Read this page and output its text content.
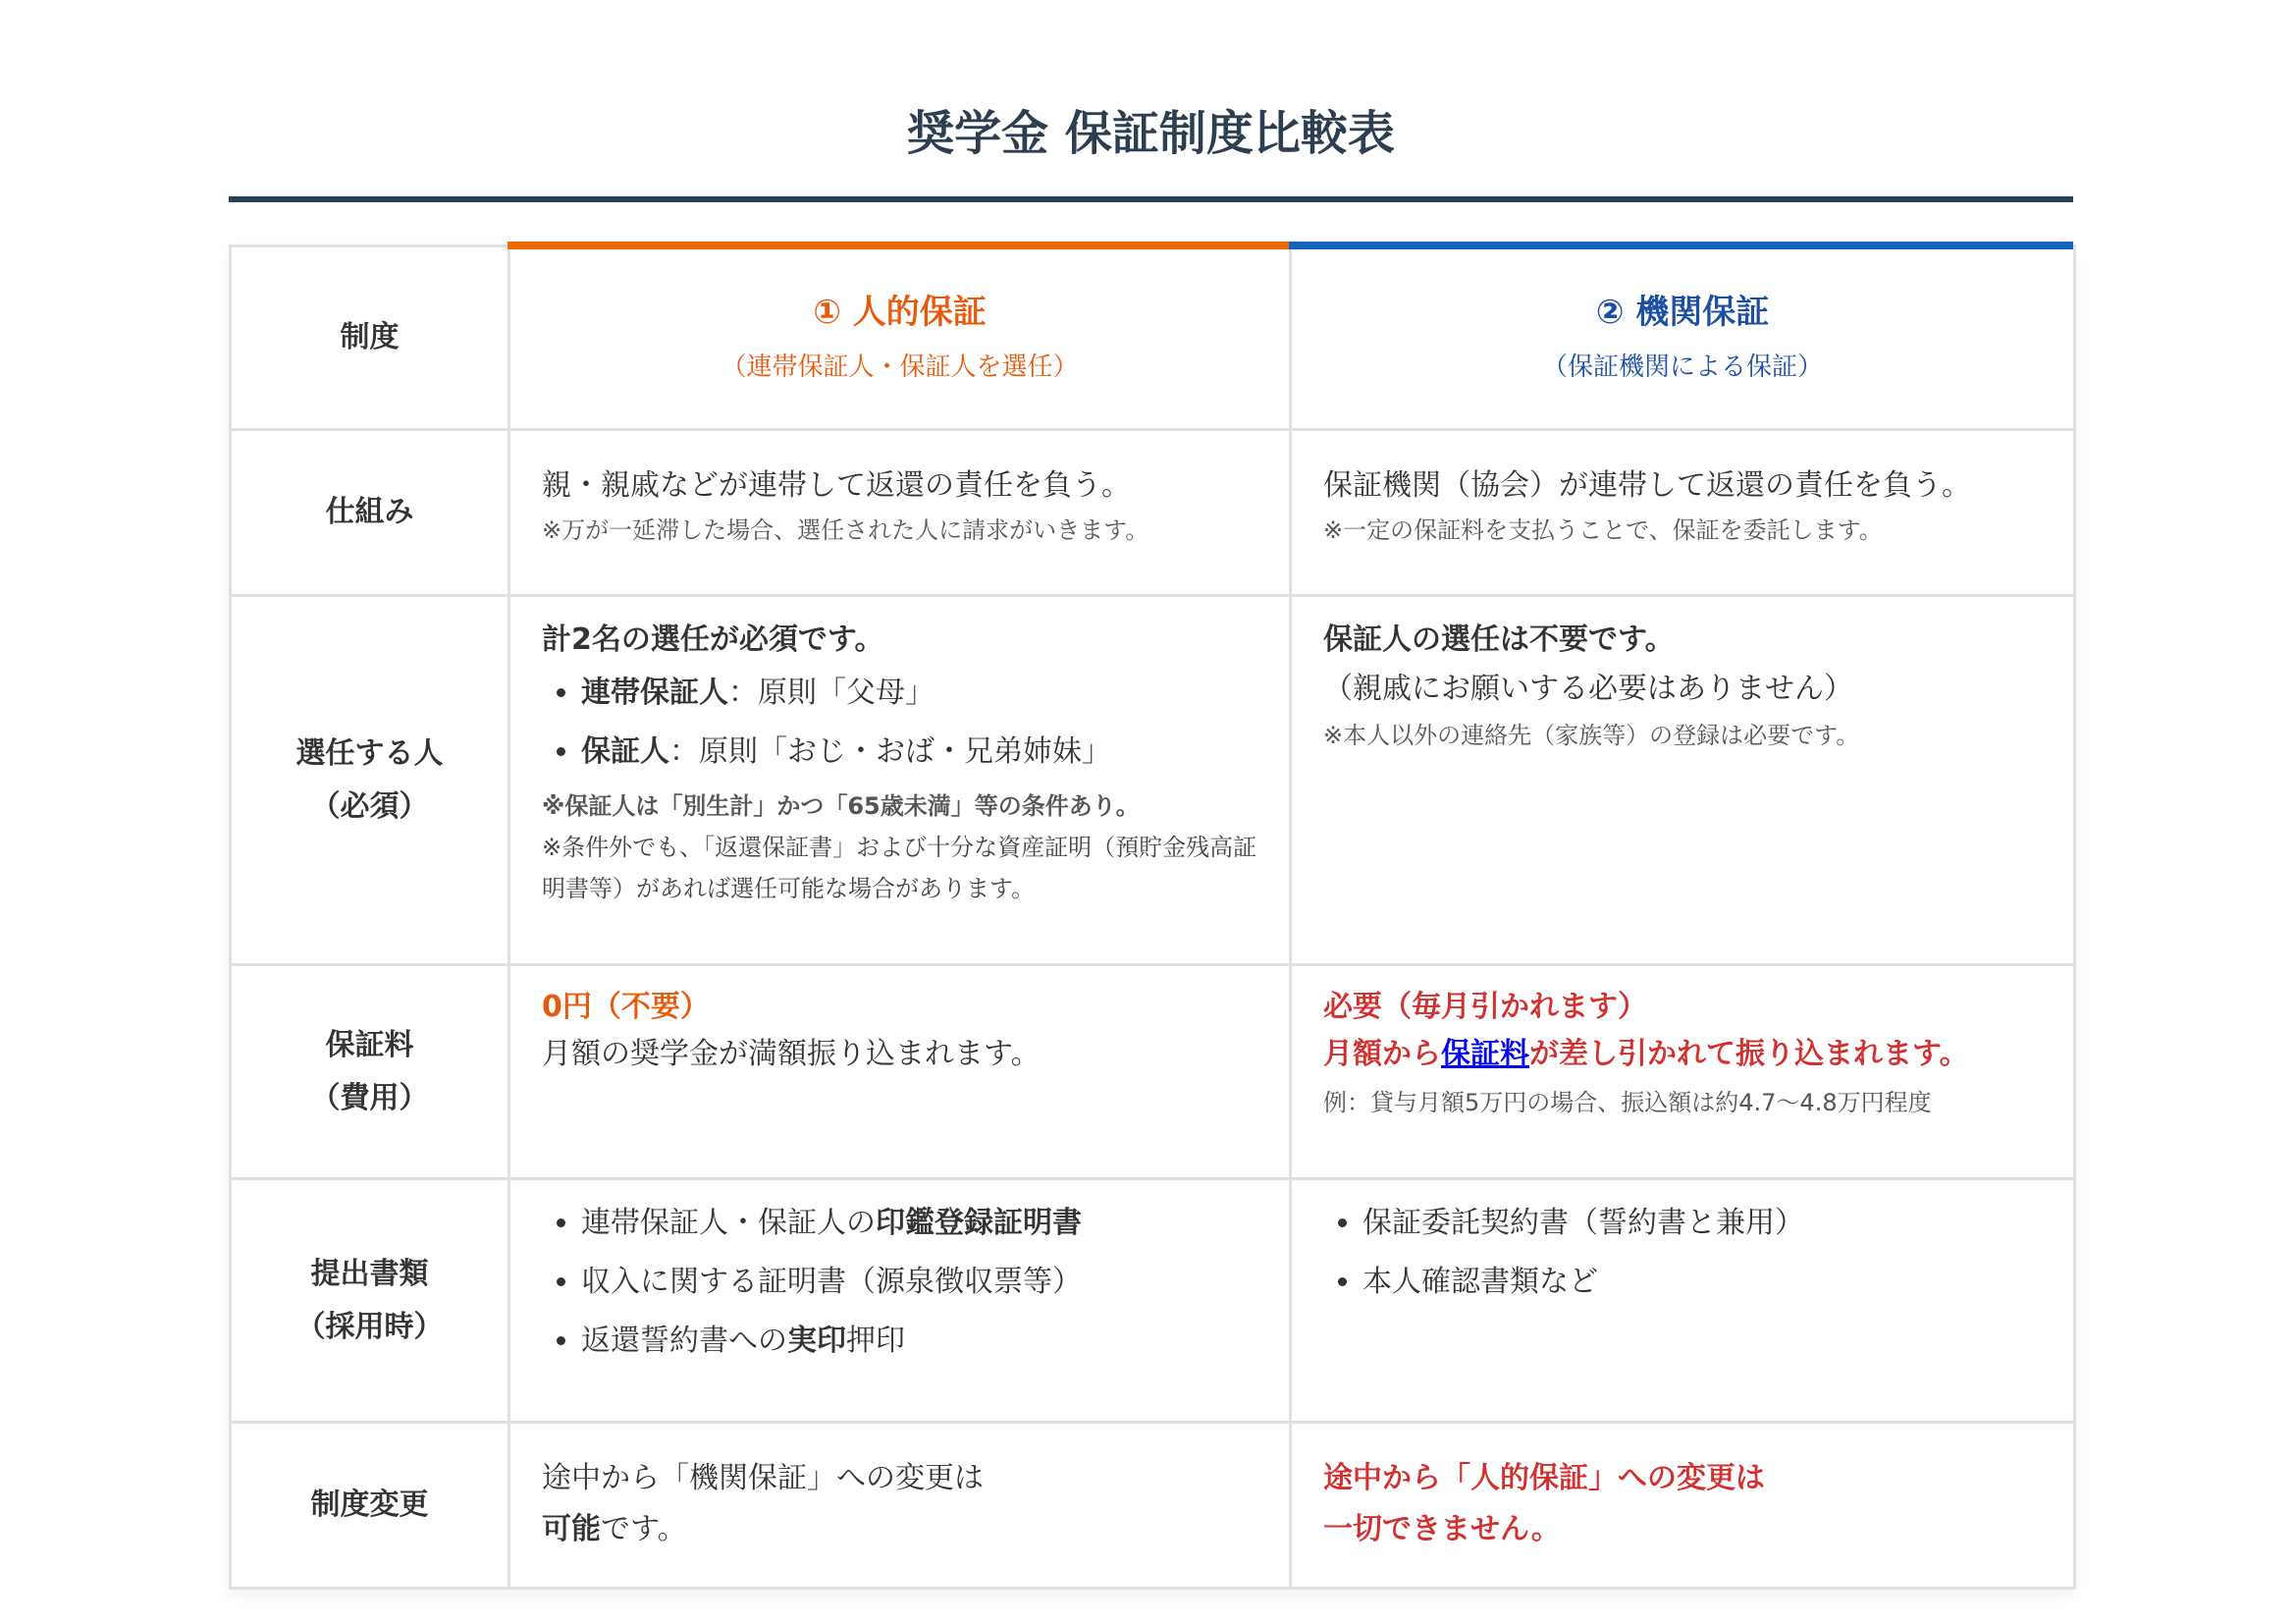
奨学金 保証制度比較表
制度	
① 人的保証
（連帯保証人・保証人を選任）

② 機関保証
（保証機関による保証）

仕組み	
親・親戚などが連帯して返還の責任を負う。
※万が一延滞した場合、選任された人に請求がいきます。

保証機関（協会）が連帯して返還の責任を負う。
※一定の保証料を支払うことで、保証を委託します。

選任する人
（必須）

計2名の選任が必須です。
• 連帯保証人：原則「父母」
• 保証人：原則「おじ・おば・兄弟姉妹」
※保証人は「別生計」かつ「65歳未満」等の条件あり。
※条件外でも、「返還保証書」および十分な資産証明（預貯金残高証明書等）があれば選任可能な場合があります。

保証人の選任は不要です。
（親戚にお願いする必要はありません）
※本人以外の連絡先（家族等）の登録は必要です。

保証料
（費用）

0円（不要）
月額の奨学金が満額振り込まれます。

必要（毎月引かれます）
月額から保証料が差し引かれて振り込まれます。
例：貸与月額5万円の場合、振込額は約4.7〜4.8万円程度

提出書類
（採用時）

• 連帯保証人・保証人の印鑑登録証明書
• 収入に関する証明書（源泉徴収票等）
• 返還誓約書への実印押印

• 保証委託契約書（誓約書と兼用）
• 本人確認書類など

制度変更	
途中から「機関保証」への変更は
可能です。

途中から「人的保証」への変更は
一切できません。
